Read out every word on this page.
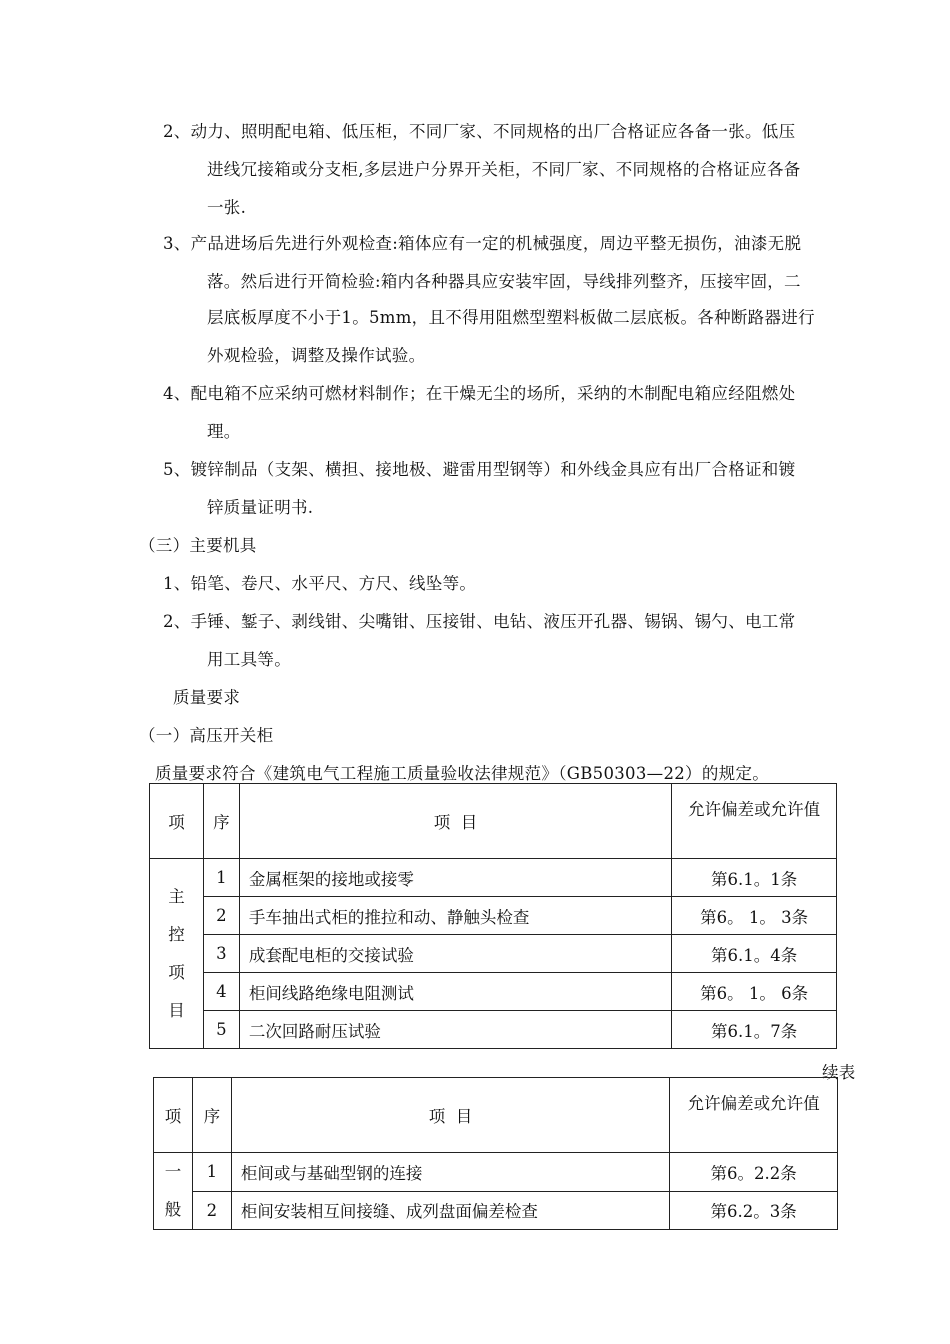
2、动力、照明配电箱、低压柜，不同厂家、不同规格的出厂合格证应各备一张。低压
进线冗接箱或分支柜,多层进户分界开关柜，不同厂家、不同规格的合格证应各备
一张.
3、产品进场后先进行外观检查:箱体应有一定的机械强度，周边平整无损伤，油漆无脱
落。然后进行开简检验:箱内各种器具应安装牢固，导线排列整齐，压接牢固，二
层底板厚度不小于1。5mm，且不得用阻燃型塑料板做二层底板。各种断路器进行
外观检验，调整及操作试验。
4、配电箱不应采纳可燃材料制作；在干燥无尘的场所，采纳的木制配电箱应经阻燃处
理。
5、镀锌制品（支架、横担、接地极、避雷用型钢等）和外线金具应有出厂合格证和镀
锌质量证明书.
（三）主要机具
1、铅笔、卷尺、水平尺、方尺、线坠等。
2、手锤、錾子、剥线钳、尖嘴钳、压接钳、电钻、液压开孔器、锡锅、锡勺、电工常
用工具等。
质量要求
（一）高压开关柜
质量要求符合《建筑电气工程施工质量验收法律规范》（GB50303—22）的规定。
项	序	项  目	允许偏差或允许值
主
控
项
目	1	金属框架的接地或接零	第6.1。1条
	2	手车抽出式柜的推拉和动、静触头检查	第6。 1。 3条
	3	成套配电柜的交接试验	第6.1。4条
	4	柜间线路绝缘电阻测试	第6。 1。 6条
	5	二次回路耐压试验	第6.1。7条
续表
项	序	项  目	允许偏差或允许值
一
般	1	柜间或与基础型钢的连接	第6。2.2条
	2	柜间安装相互间接缝、成列盘面偏差检查	第6.2。3条
